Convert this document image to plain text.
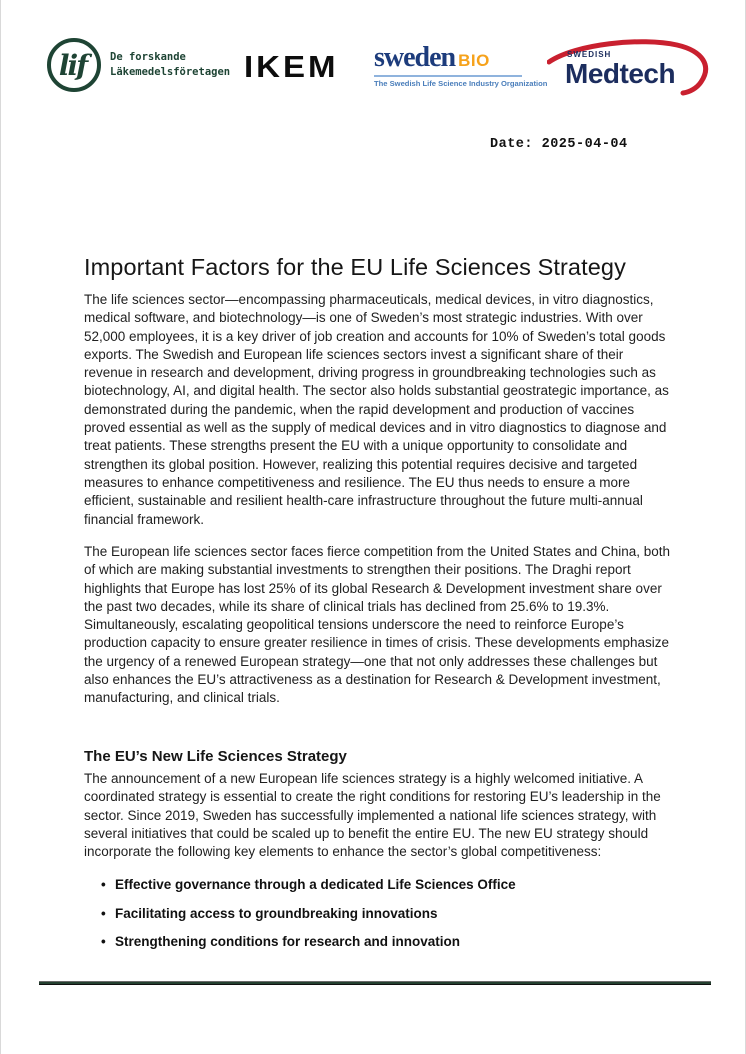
lif De forskande
Läkemedelsföretagen IKEM sweden BIO
The Swedish Life Science Industry Organization
SWEDISH
Medtech
Date: 2025-04-04
Important Factors for the EU Life Sciences Strategy

The life sciences sector—encompassing pharmaceuticals, medical devices, in vitro diagnostics, medical software, and biotechnology—is one of Sweden’s most strategic industries. With over 52,000 employees, it is a key driver of job creation and accounts for 10% of Sweden’s total goods exports. The Swedish and European life sciences sectors invest a significant share of their revenue in research and development, driving progress in groundbreaking technologies such as biotechnology, AI, and digital health. The sector also holds substantial geostrategic importance, as demonstrated during the pandemic, when the rapid development and production of vaccines proved essential as well as the supply of medical devices and in vitro diagnostics to diagnose and treat patients. These strengths present the EU with a unique opportunity to consolidate and strengthen its global position. However, realizing this potential requires decisive and targeted measures to enhance competitiveness and resilience. The EU thus needs to ensure a more efficient, sustainable and resilient health-care infrastructure throughout the future multi-annual financial framework.

The European life sciences sector faces fierce competition from the United States and China, both of which are making substantial investments to strengthen their positions. The Draghi report highlights that Europe has lost 25% of its global Research & Development investment share over the past two decades, while its share of clinical trials has declined from 25.6% to 19.3%. Simultaneously, escalating geopolitical tensions underscore the need to reinforce Europe’s production capacity to ensure greater resilience in times of crisis. These developments emphasize the urgency of a renewed European strategy—one that not only addresses these challenges but also enhances the EU’s attractiveness as a destination for Research & Development investment, manufacturing, and clinical trials.

The EU’s New Life Sciences Strategy

The announcement of a new European life sciences strategy is a highly welcomed initiative. A coordinated strategy is essential to create the right conditions for restoring EU’s leadership in the sector. Since 2019, Sweden has successfully implemented a national life sciences strategy, with several initiatives that could be scaled up to benefit the entire EU. The new EU strategy should incorporate the following key elements to enhance the sector’s global competitiveness:

• Effective governance through a dedicated Life Sciences Office
• Facilitating access to groundbreaking innovations
• Strengthening conditions for research and innovation
